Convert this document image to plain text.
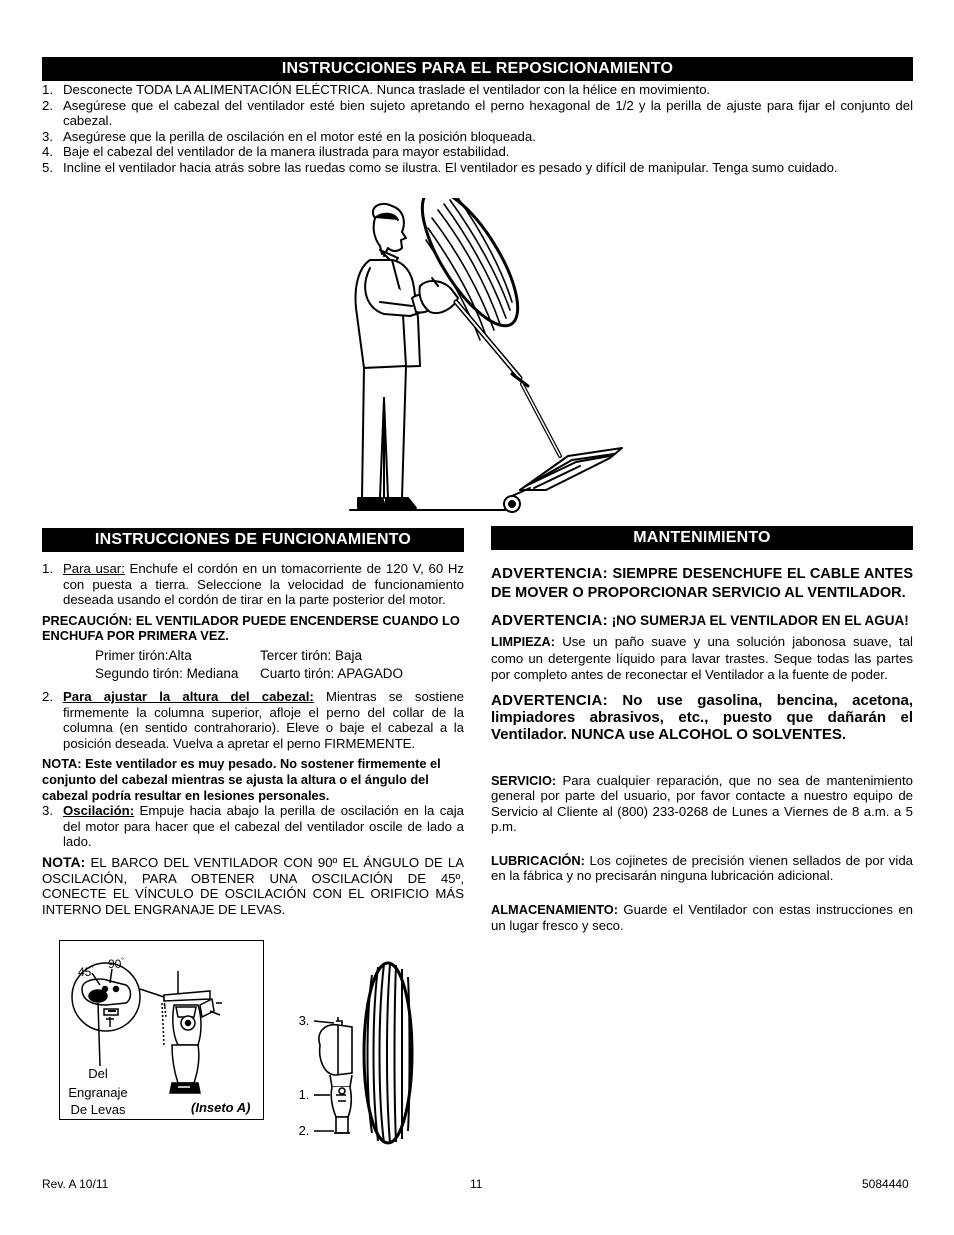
INSTRUCCIONES PARA EL REPOSICIONAMIENTO
1. Desconecte TODA LA ALIMENTACIÓN ELÉCTRICA. Nunca traslade el ventilador con la hélice en movimiento.
2. Asegúrese que el cabezal del ventilador esté bien sujeto apretando el perno hexagonal de 1/2 y la perilla de ajuste para fijar el conjunto del cabezal.
3. Asegúrese que la perilla de oscilación en el motor esté en la posición bloqueada.
4. Baje el cabezal del ventilador de la manera ilustrada para mayor estabilidad.
5. Incline el ventilador hacia atrás sobre las ruedas como se ilustra. El ventilador es pesado y difícil de manipular. Tenga sumo cuidado.
INSTRUCCIONES DE FUNCIONAMIENTO
1. Para usar: Enchufe el cordón en un tomacorriente de 120 V, 60 Hz con puesta a tierra. Seleccione la velocidad de funcionamiento deseada usando el cordón de tirar en la parte posterior del motor.
PRECAUCIÓN: EL VENTILADOR PUEDE ENCENDERSE CUANDO LO ENCHUFA POR PRIMERA VEZ.
Primer tirón:Alta	Tercer tirón: Baja
Segundo tirón: Mediana	Cuarto tirón: APAGADO
2. Para ajustar la altura del cabezal: Mientras se sostiene firmemente la columna superior, afloje el perno del collar de la columna (en sentido contrahorario). Eleve o baje el cabezal a la posición deseada. Vuelva a apretar el perno FIRMEMENTE.
NOTA: Este ventilador es muy pesado. No sostener firmemente el conjunto del cabezal mientras se ajusta la altura o el ángulo del cabezal podría resultar en lesiones personales.
3. Oscilación: Empuje hacia abajo la perilla de oscilación en la caja del motor para hacer que el cabezal del ventilador oscile de lado a lado.
NOTA: EL BARCO DEL VENTILADOR CON 90º EL ÁNGULO DE LA OSCILACIÓN, PARA OBTENER UNA OSCILACIÓN DE 45º, CONECTE EL VÍNCULO DE OSCILACIÓN CON EL ORIFICIO MÁS INTERNO DEL ENGRANAJE DE LEVAS.
45˚ 90˚
Del
Engranaje
De Levas	(Inseto A)
3.
1.
2.
MANTENIMIENTO
ADVERTENCIA: SIEMPRE DESENCHUFE EL CABLE ANTES DE MOVER O PROPORCIONAR SERVICIO AL VENTILADOR.
ADVERTENCIA: ¡NO SUMERJA EL VENTILADOR EN EL AGUA!
LIMPIEZA: Use un paño suave y una solución jabonosa suave, tal como un detergente líquido para lavar trastes. Seque todas las partes por completo antes de reconectar el Ventilador a la fuente de poder.
ADVERTENCIA: No use gasolina, bencina, acetona, limpiadores abrasivos, etc., puesto que dañarán el Ventilador. NUNCA use ALCOHOL O SOLVENTES.
SERVICIO: Para cualquier reparación, que no sea de mantenimiento general por parte del usuario, por favor contacte a nuestro equipo de Servicio al Cliente al (800) 233-0268 de Lunes a Viernes de 8 a.m. a 5 p.m.
LUBRICACIÓN: Los cojinetes de precisión vienen sellados de por vida en la fábrica y no precisarán ninguna lubricación adicional.
ALMACENAMIENTO: Guarde el Ventilador con estas instrucciones en un lugar fresco y seco.
Rev. A 10/11	11	5084440
